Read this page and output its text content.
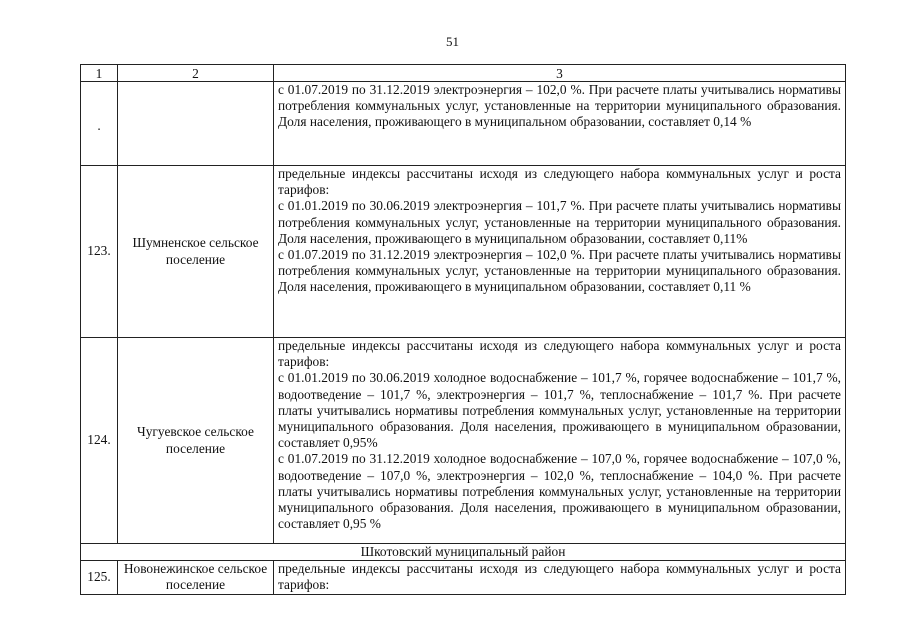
51
1	2	3

.		с 01.07.2019 по 31.12.2019 электроэнергия – 102,0 %. При расчете платы учитывались нормативы потребления коммунальных услуг, установленные на территории муниципального образования. Доля населения, проживающего в муниципальном образовании, составляет 0,14 %

123.	Шумненское сельское поселение	предельные индексы рассчитаны исходя из следующего набора коммунальных услуг и роста тарифов:

с 01.01.2019 по 30.06.2019 электроэнергия – 101,7 %. При расчете платы учитывались нормативы потребления коммунальных услуг, установленные на территории муниципального образования. Доля населения, проживающего в муниципальном образовании, составляет 0,11%

с 01.07.2019 по 31.12.2019 электроэнергия – 102,0 %. При расчете платы учитывались нормативы потребления коммунальных услуг, установленные на территории муниципального образования. Доля населения, проживающего в муниципальном образовании, составляет 0,11 %

124.	Чугуевское сельское поселение	предельные индексы рассчитаны исходя из следующего набора коммунальных услуг и роста тарифов:

с 01.01.2019 по 30.06.2019 холодное водоснабжение – 101,7 %, горячее водоснабжение – 101,7 %, водоотведение – 101,7 %, электроэнергия – 101,7 %, теплоснабжение – 101,7 %. При расчете платы учитывались нормативы потребления коммунальных услуг, установленные на территории муниципального образования. Доля населения, проживающего в муниципальном образовании, составляет 0,95%

с 01.07.2019 по 31.12.2019 холодное водоснабжение – 107,0 %, горячее водоснабжение – 107,0 %, водоотведение – 107,0 %, электроэнергия – 102,0 %, теплоснабжение – 104,0 %. При расчете платы учитывались нормативы потребления коммунальных услуг, установленные на территории муниципального образования. Доля населения, проживающего в муниципальном образовании, составляет 0,95 %

Шкотовский муниципальный район		
125.	Новонежинское сельское поселение	предельные индексы рассчитаны исходя из следующего набора коммунальных услуг и роста тарифов:
